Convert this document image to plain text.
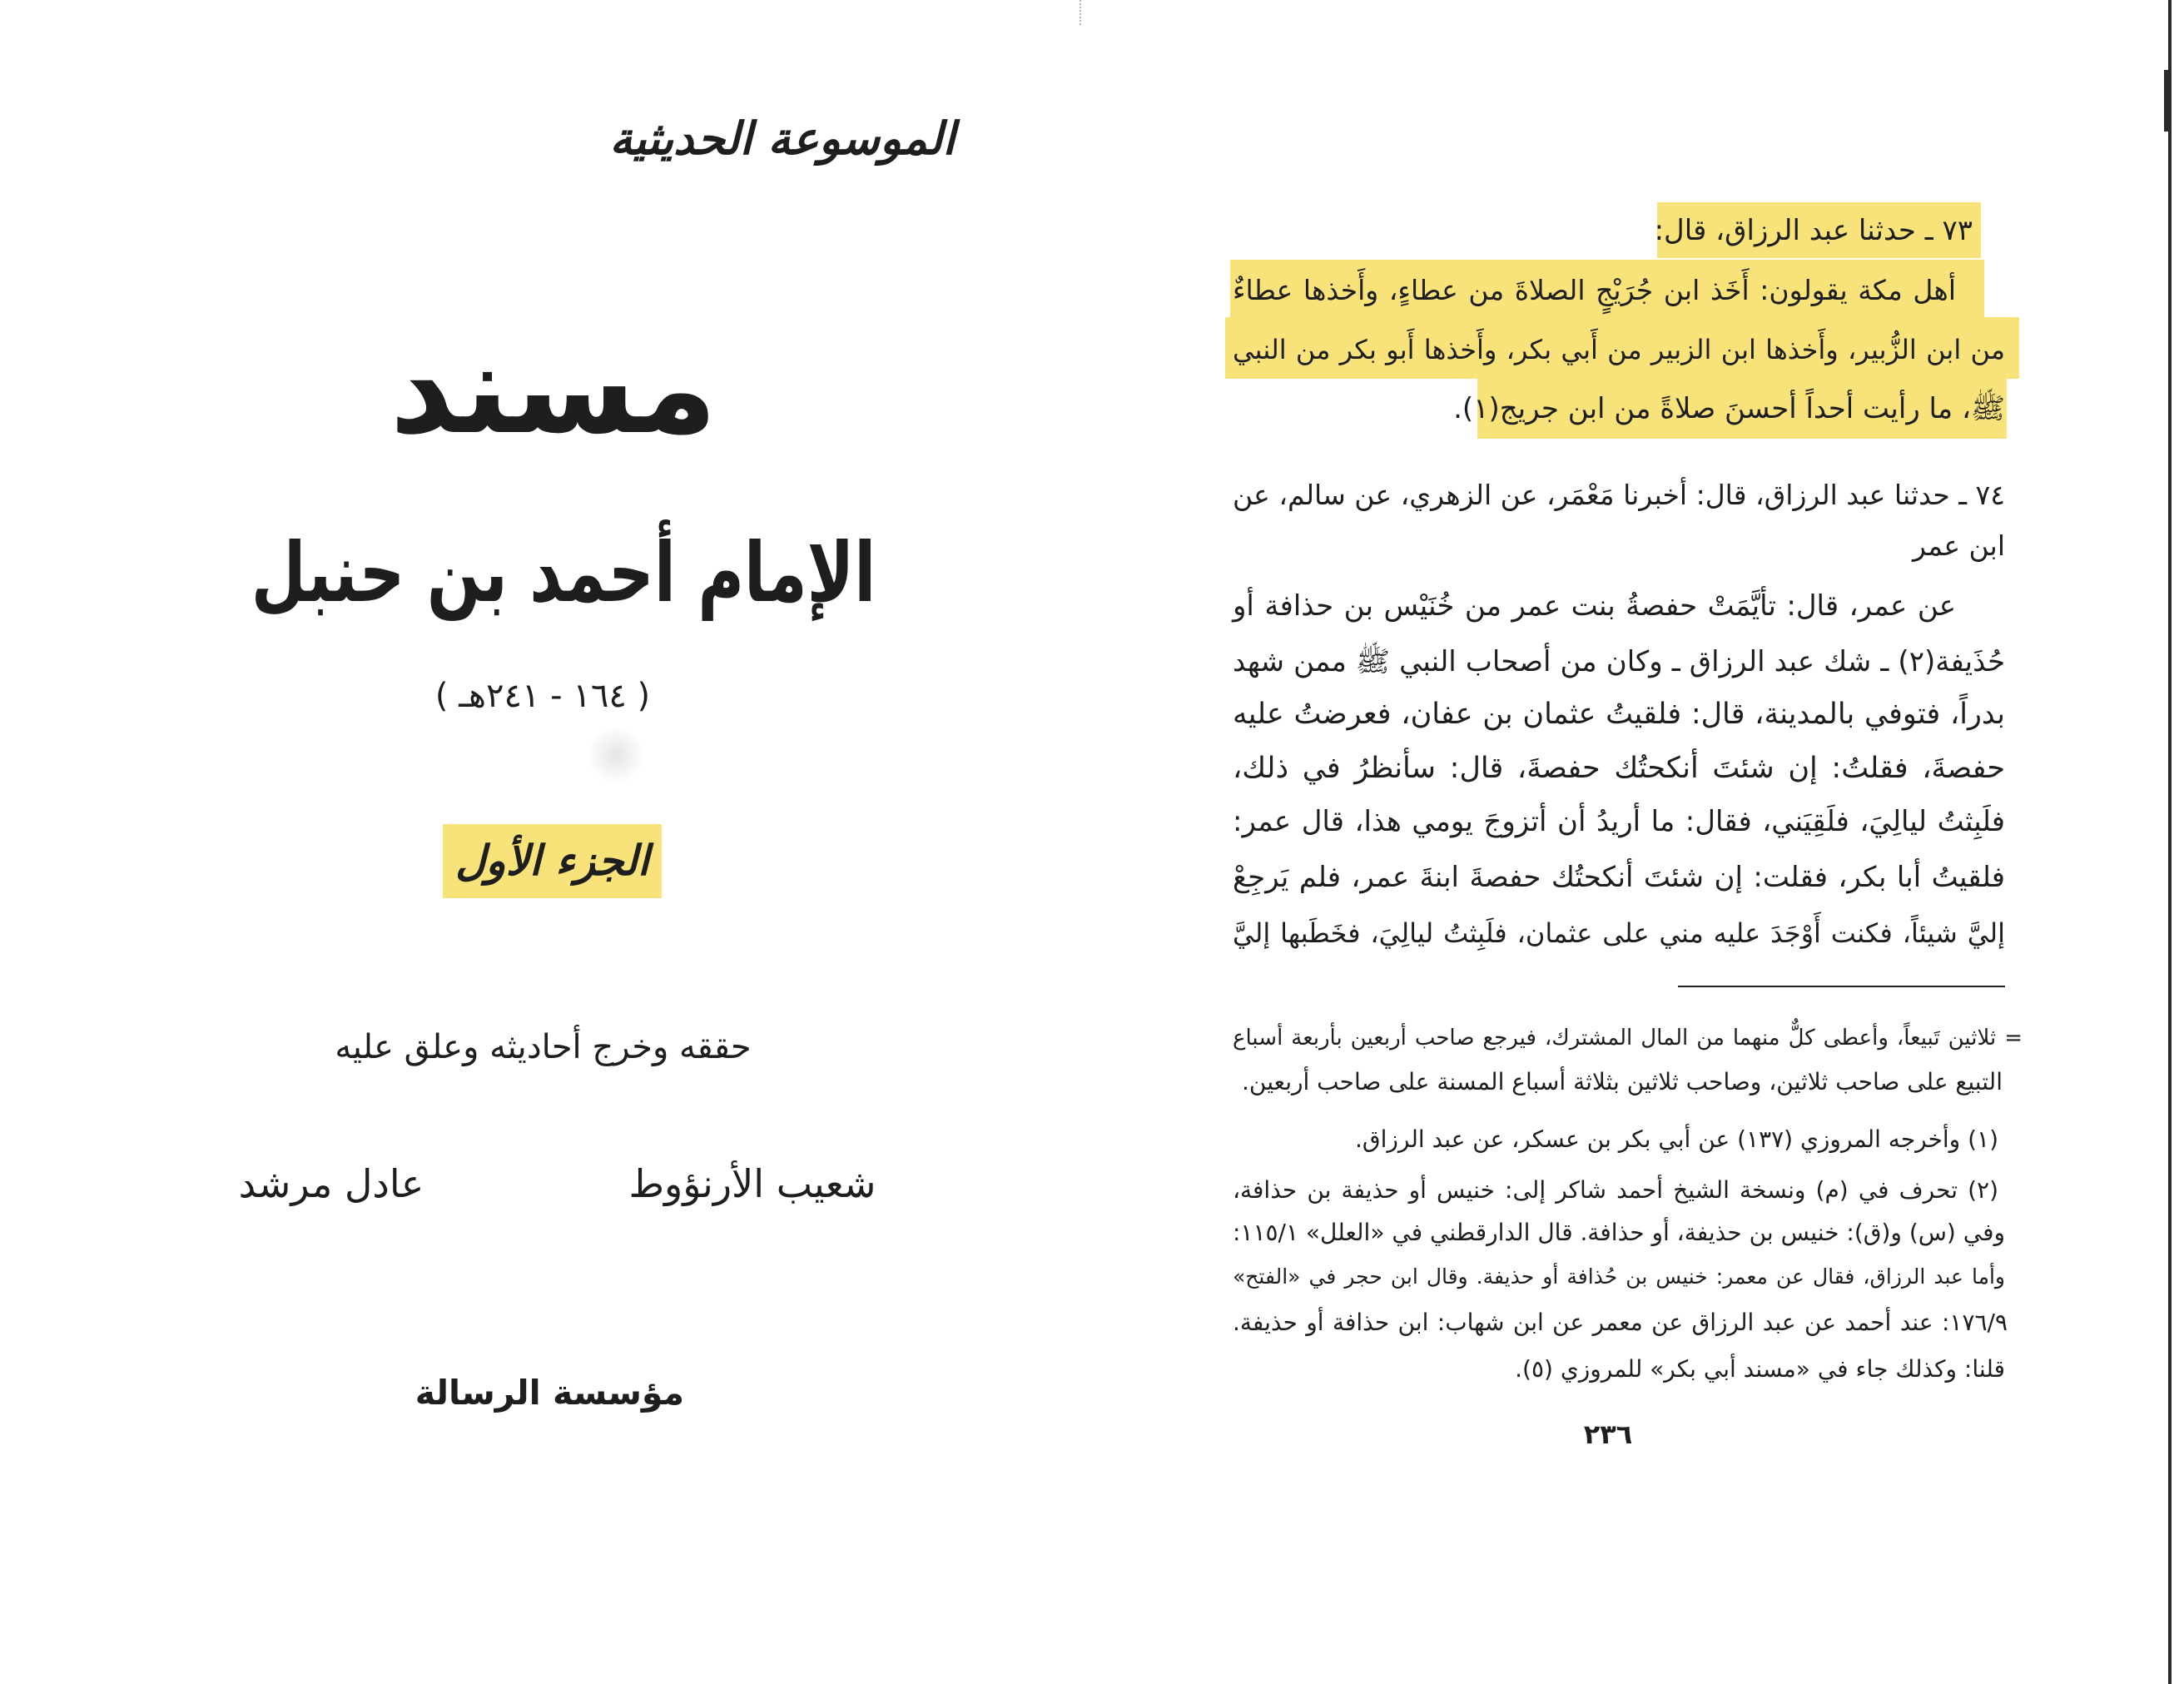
الموسوعة الحديثية
مسند
الإمام أحمد بن حنبل
( ١٦٤ - ٢٤١هـ )
الجزء الأول
حققه وخرج أحاديثه وعلق عليه
شعيب الأرنؤوط
عادل مرشد
مؤسسة الرسالة
٧٣ ـ حدثنا عبد الرزاق، قال:
أهل مكة يقولون: أَخَذ ابن جُرَيْجٍ الصلاةَ من عطاءٍ، وأَخذها عطاءٌ
من ابن الزُّبير، وأَخذها ابن الزبير من أَبي بكر، وأَخذها أَبو بكر من النبي
ﷺ، ما رأيت أحداً أحسنَ صلاةً من ابن جريج(١).
٧٤ ـ حدثنا عبد الرزاق، قال: أخبرنا مَعْمَر، عن الزهري، عن سالم، عن
ابن عمر
عن عمر، قال: تأيَّمَتْ حفصةُ بنت عمر من خُنَيْس بن حذافة أو
حُذَيفة(٢) ـ شك عبد الرزاق ـ وكان من أصحاب النبي ﷺ ممن شهد
بدراً، فتوفي بالمدينة، قال: فلقيتُ عثمان بن عفان، فعرضتُ عليه
حفصةَ، فقلتُ: إن شئتَ أنكحتُك حفصةَ، قال: سأنظرُ في ذلك،
فلَبِثتُ ليالِيَ، فلَقِيَني، فقال: ما أريدُ أن أتزوجَ يومي هذا، قال عمر:
فلقيتُ أبا بكر، فقلت: إن شئتَ أنكحتُك حفصةَ ابنةَ عمر، فلم يَرجِعْ
إليَّ شيئاً، فكنت أَوْجَدَ عليه مني على عثمان، فلَبِثتُ ليالِيَ، فخَطَبها إليَّ
= ثلاثين تَبيعاً، وأعطى كلٌّ منهما من المال المشترك، فيرجع صاحب أربعين بأربعة أسباع
التبيع على صاحب ثلاثين، وصاحب ثلاثين بثلاثة أسباع المسنة على صاحب أربعين.
(١) وأخرجه المروزي (١٣٧) عن أبي بكر بن عسكر، عن عبد الرزاق.
(٢) تحرف في (م) ونسخة الشيخ أحمد شاكر إلى: خنيس أو حذيفة بن حذافة،
وفي (س) و(ق): خنيس بن حذيفة، أو حذافة. قال الدارقطني في «العلل» ١١٥/١:
وأما عبد الرزاق، فقال عن معمر: خنيس بن حُذافة أو حذيفة. وقال ابن حجر في «الفتح»
١٧٦/٩: عند أحمد عن عبد الرزاق عن معمر عن ابن شهاب: ابن حذافة أو حذيفة.
قلنا: وكذلك جاء في «مسند أبي بكر» للمروزي (٥).
٢٣٦
